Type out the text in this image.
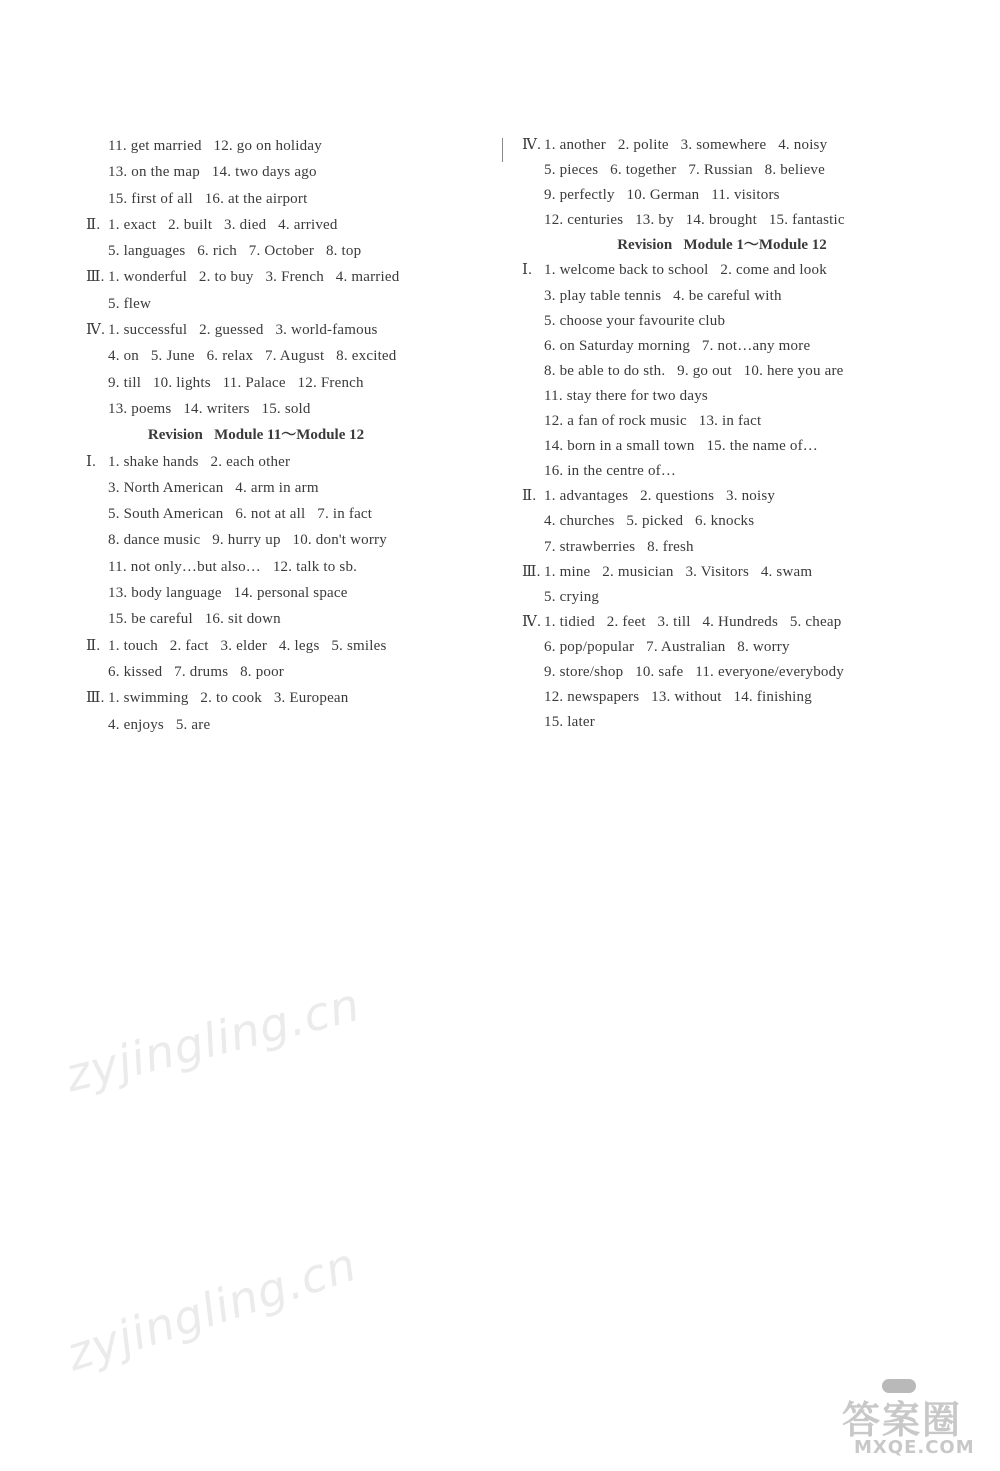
11. get married   12. go on holiday
13. on the map   14. two days ago
15. first of all   16. at the airport
Ⅱ. 1. exact   2. built   3. died   4. arrived
5. languages   6. rich   7. October   8. top
Ⅲ. 1. wonderful   2. to buy   3. French   4. married
5. flew
Ⅳ. 1. successful   2. guessed   3. world-famous
4. on   5. June   6. relax   7. August   8. excited
9. till   10. lights   11. Palace   12. French
13. poems   14. writers   15. sold
Revision   Module 11～Module 12
Ⅰ. 1. shake hands   2. each other
3. North American   4. arm in arm
5. South American   6. not at all   7. in fact
8. dance music   9. hurry up   10. don't worry
11. not only…but also…   12. talk to sb.
13. body language   14. personal space
15. be careful   16. sit down
Ⅱ. 1. touch   2. fact   3. elder   4. legs   5. smiles
6. kissed   7. drums   8. poor
Ⅲ. 1. swimming   2. to cook   3. European
4. enjoys   5. are
Ⅳ. 1. another   2. polite   3. somewhere   4. noisy
5. pieces   6. together   7. Russian   8. believe
9. perfectly   10. German   11. visitors
12. centuries   13. by   14. brought   15. fantastic
Revision   Module 1～Module 12
Ⅰ. 1. welcome back to school   2. come and look
3. play table tennis   4. be careful with
5. choose your favourite club
6. on Saturday morning   7. not…any more
8. be able to do sth.   9. go out   10. here you are
11. stay there for two days
12. a fan of rock music   13. in fact
14. born in a small town   15. the name of…
16. in the centre of…
Ⅱ. 1. advantages   2. questions   3. noisy
4. churches   5. picked   6. knocks
7. strawberries   8. fresh
Ⅲ. 1. mine   2. musician   3. Visitors   4. swam
5. crying
Ⅳ. 1. tidied   2. feet   3. till   4. Hundreds   5. cheap
6. pop/popular   7. Australian   8. worry
9. store/shop   10. safe   11. everyone/everybody
12. newspapers   13. without   14. finishing
15. later
zyjingling.cn
zyjingling.cn
答案圈
MXQE.COM
